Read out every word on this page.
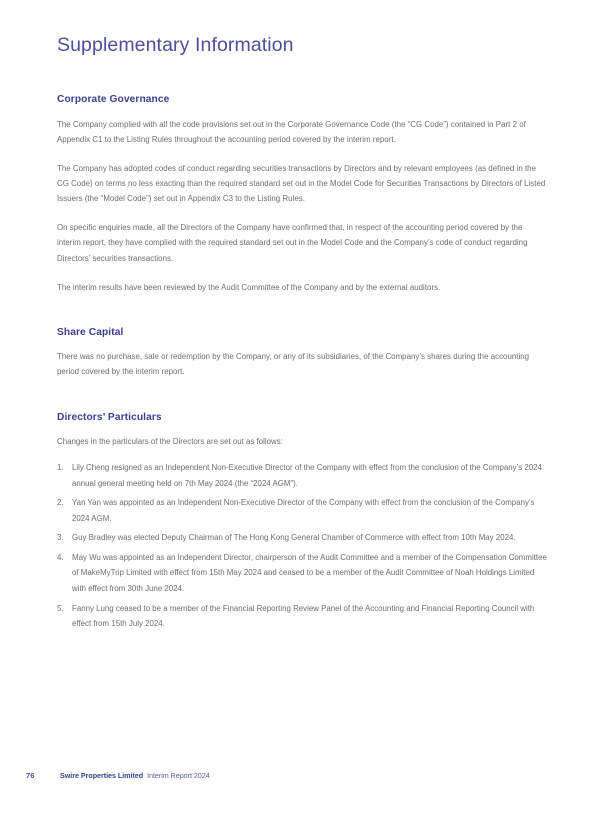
Supplementary Information
Corporate Governance

The Company complied with all the code provisions set out in the Corporate Governance Code (the “CG Code”) contained in Part 2 of Appendix C1 to the Listing Rules throughout the accounting period covered by the interim report.

The Company has adopted codes of conduct regarding securities transactions by Directors and by relevant employees (as defined in the CG Code) on terms no less exacting than the required standard set out in the Model Code for Securities Transactions by Directors of Listed Issuers (the “Model Code”) set out in Appendix C3 to the Listing Rules.

On specific enquiries made, all the Directors of the Company have confirmed that, in respect of the accounting period covered by the interim report, they have complied with the required standard set out in the Model Code and the Company’s code of conduct regarding Directors’ securities transactions.

The interim results have been reviewed by the Audit Committee of the Company and by the external auditors.

Share Capital

There was no purchase, sale or redemption by the Company, or any of its subsidiaries, of the Company’s shares during the accounting period covered by the interim report.

Directors’ Particulars
Changes in the particulars of the Directors are set out as follows:
1.	Lily Cheng resigned as an Independent Non-Executive Director of the Company with effect from the conclusion of the Company’s 2024 annual general meeting held on 7th May 2024 (the “2024 AGM”).
2.	Yan Yan was appointed as an Independent Non-Executive Director of the Company with effect from the conclusion of the Company’s 2024 AGM.
3.	Guy Bradley was elected Deputy Chairman of The Hong Kong General Chamber of Commerce with effect from 10th May 2024.
4.	May Wu was appointed as an Independent Director, chairperson of the Audit Committee and a member of the Compensation Committee of MakeMyTrip Limited with effect from 15th May 2024 and ceased to be a member of the Audit Committee of Noah Holdings Limited with effect from 30th June 2024.
5.	Fanny Lung ceased to be a member of the Financial Reporting Review Panel of the Accounting and Financial Reporting Council with effect from 15th July 2024.
76	Swire Properties Limited Interim Report 2024
